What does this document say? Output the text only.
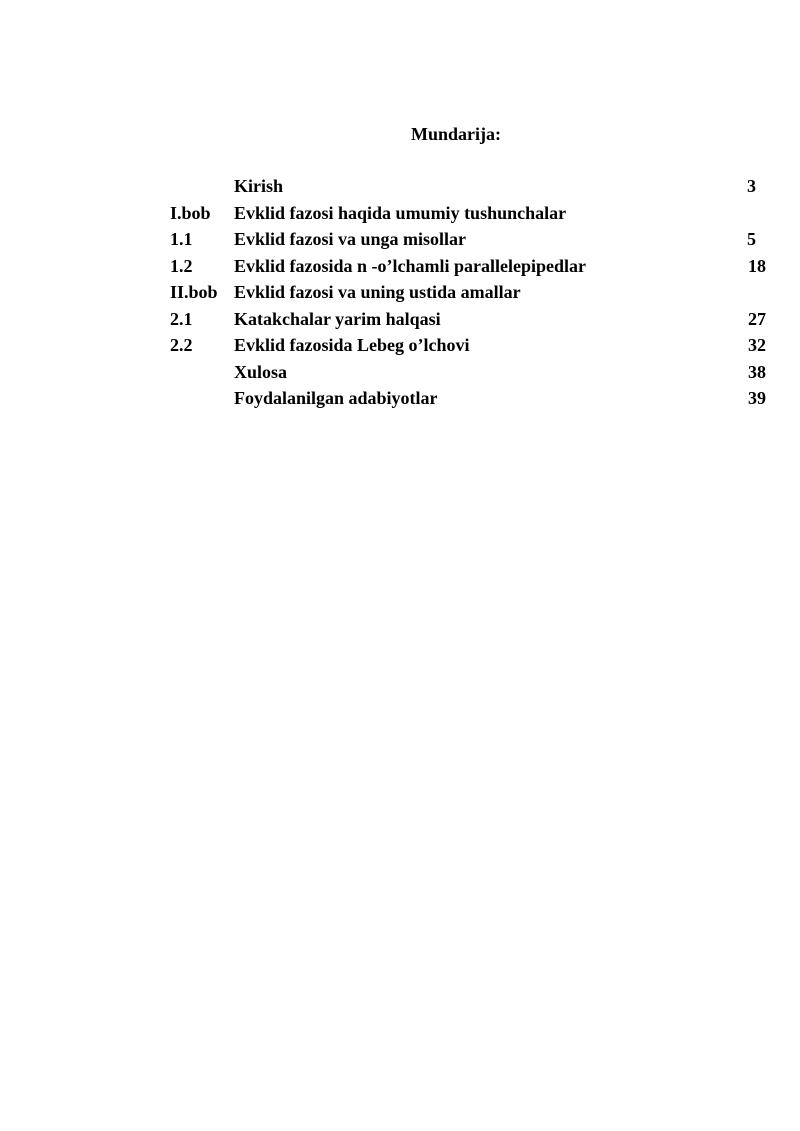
Mundarija:
Kirish	3
I.bob Evklid fazosi haqida umumiy tushunchalar
1.1 Evklid fazosi va unga misollar	5
1.2 Evklid fazosida n -o’lchamli parallelepipedlar	18
II.bob Evklid fazosi va uning ustida amallar
2.1 Katakchalar yarim halqasi	27
2.2 Evklid fazosida Lebeg o’lchovi	32
Xulosa	38
Foydalanilgan adabiyotlar	39
